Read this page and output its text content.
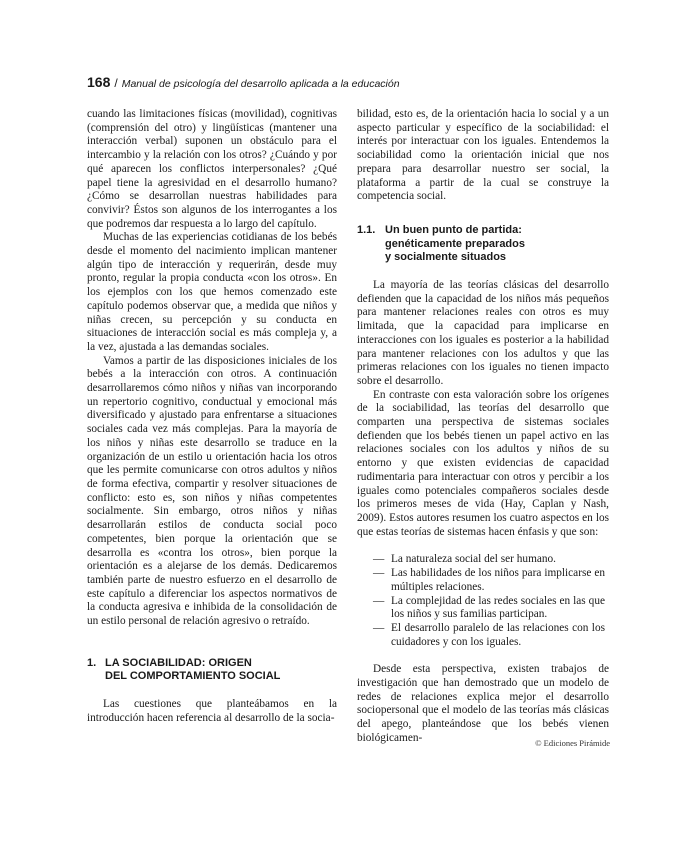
168 / Manual de psicología del desarrollo aplicada a la educación

cuando las limitaciones físicas (movilidad), cognitivas (comprensión del otro) y lingüísticas (mantener una interacción verbal) suponen un obstáculo para el intercambio y la relación con los otros? ¿Cuándo y por qué aparecen los conflictos interpersonales? ¿Qué papel tiene la agresividad en el desarrollo humano? ¿Cómo se desarrollan nuestras habilidades para convivir? Éstos son algunos de los interrogantes a los que podremos dar respuesta a lo largo del capítulo.

Muchas de las experiencias cotidianas de los bebés desde el momento del nacimiento implican mantener algún tipo de interacción y requerirán, desde muy pronto, regular la propia conducta «con los otros». En los ejemplos con los que hemos comenzado este capítulo podemos observar que, a medida que niños y niñas crecen, su percepción y su conducta en situaciones de interacción social es más compleja y, a la vez, ajustada a las demandas sociales.

Vamos a partir de las disposiciones iniciales de los bebés a la interacción con otros. A continuación desarrollaremos cómo niños y niñas van incorporando un repertorio cognitivo, conductual y emocional más diversificado y ajustado para enfrentarse a situaciones sociales cada vez más complejas. Para la mayoría de los niños y niñas este desarrollo se traduce en la organización de un estilo u orientación hacia los otros que les permite comunicarse con otros adultos y niños de forma efectiva, compartir y resolver situaciones de conflicto: esto es, son niños y niñas competentes socialmente. Sin embargo, otros niños y niñas desarrollarán estilos de conducta social poco competentes, bien porque la orientación que se desarrolla es «contra los otros», bien porque la orientación es a alejarse de los demás. Dedicaremos también parte de nuestro esfuerzo en el desarrollo de este capítulo a diferenciar los aspectos normativos de la conducta agresiva e inhibida de la consolidación de un estilo personal de relación agresivo o retraído.

1. LA SOCIABILIDAD: ORIGEN
DEL COMPORTAMIENTO SOCIAL

Las cuestiones que planteábamos en la introducción hacen referencia al desarrollo de la socia-

bilidad, esto es, de la orientación hacia lo social y a un aspecto particular y específico de la sociabilidad: el interés por interactuar con los iguales. Entendemos la sociabilidad como la orientación inicial que nos prepara para desarrollar nuestro ser social, la plataforma a partir de la cual se construye la competencia social.

1.1. Un buen punto de partida:
genéticamente preparados
y socialmente situados

La mayoría de las teorías clásicas del desarrollo defienden que la capacidad de los niños más pequeños para mantener relaciones reales con otros es muy limitada, que la capacidad para implicarse en interacciones con los iguales es posterior a la habilidad para mantener relaciones con los adultos y que las primeras relaciones con los iguales no tienen impacto sobre el desarrollo.

En contraste con esta valoración sobre los orígenes de la sociabilidad, las teorías del desarrollo que comparten una perspectiva de sistemas sociales defienden que los bebés tienen un papel activo en las relaciones sociales con los adultos y niños de su entorno y que existen evidencias de capacidad rudimentaria para interactuar con otros y percibir a los iguales como potenciales compañeros sociales desde los primeros meses de vida (Hay, Caplan y Nash, 2009). Estos autores resumen los cuatro aspectos en los que estas teorías de sistemas hacen énfasis y que son:

— La naturaleza social del ser humano.
— Las habilidades de los niños para implicarse en múltiples relaciones.
— La complejidad de las redes sociales en las que los niños y sus familias participan.
— El desarrollo paralelo de las relaciones con los cuidadores y con los iguales.

Desde esta perspectiva, existen trabajos de investigación que han demostrado que un modelo de redes de relaciones explica mejor el desarrollo sociopersonal que el modelo de las teorías más clásicas del apego, planteándose que los bebés vienen biológicamen-	© Ediciones Pirámide
